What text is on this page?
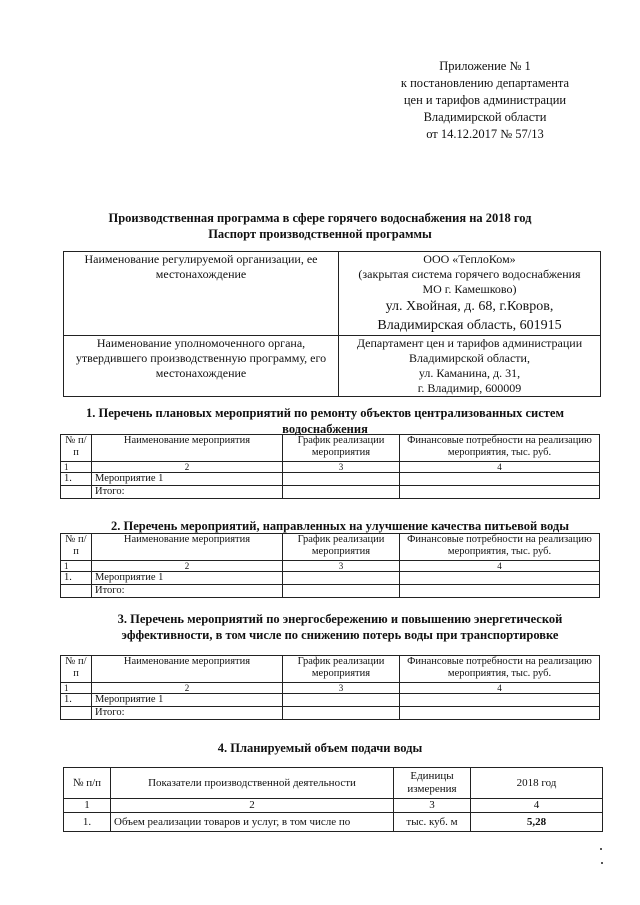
Приложение № 1
к постановлению департамента
цен и тарифов администрации
Владимирской области
от 14.12.2017 № 57/13
Производственная программа в сфере горячего водоснабжения на 2018 год
Паспорт производственной программы
Наименование регулируемой организации, ее местонахождение	ООО «ТеплоКом»
(закрытая система горячего водоснабжения
МО г. Камешково)
ул. Хвойная, д. 68, г.Ковров,
Владимирская область, 601915

Наименование уполномоченного органа, утвердившего производственную программу, его местонахождение	Департамент цен и тарифов администрации
Владимирской области,
ул. Каманина, д. 31,
г. Владимир, 600009
1. Перечень плановых мероприятий по ремонту объектов централизованных систем водоснабжения
№ п/п	Наименование мероприятия	График реализации мероприятия	Финансовые потребности на реализацию мероприятия, тыс. руб.
1	2	3	4
1.	Мероприятие 1		
	Итого:		
2. Перечень мероприятий, направленных на улучшение качества питьевой воды
№ п/п	Наименование мероприятия	График реализации мероприятия	Финансовые потребности на реализацию мероприятия, тыс. руб.
1	2	3	4
1.	Мероприятие 1		
	Итого:		
3. Перечень мероприятий по энергосбережению и повышению энергетической
эффективности, в том числе по снижению потерь воды при транспортировке
№ п/п	Наименование мероприятия	График реализации мероприятия	Финансовые потребности на реализацию мероприятия, тыс. руб.
1	2	3	4
1.	Мероприятие 1		
	Итого:		
4. Планируемый объем подачи воды
№ п/п	Показатели производственной деятельности	Единицы измерения	2018 год
1	2	3	4
1.	Объем реализации товаров и услуг, в том числе по	тыс. куб. м	5,28
